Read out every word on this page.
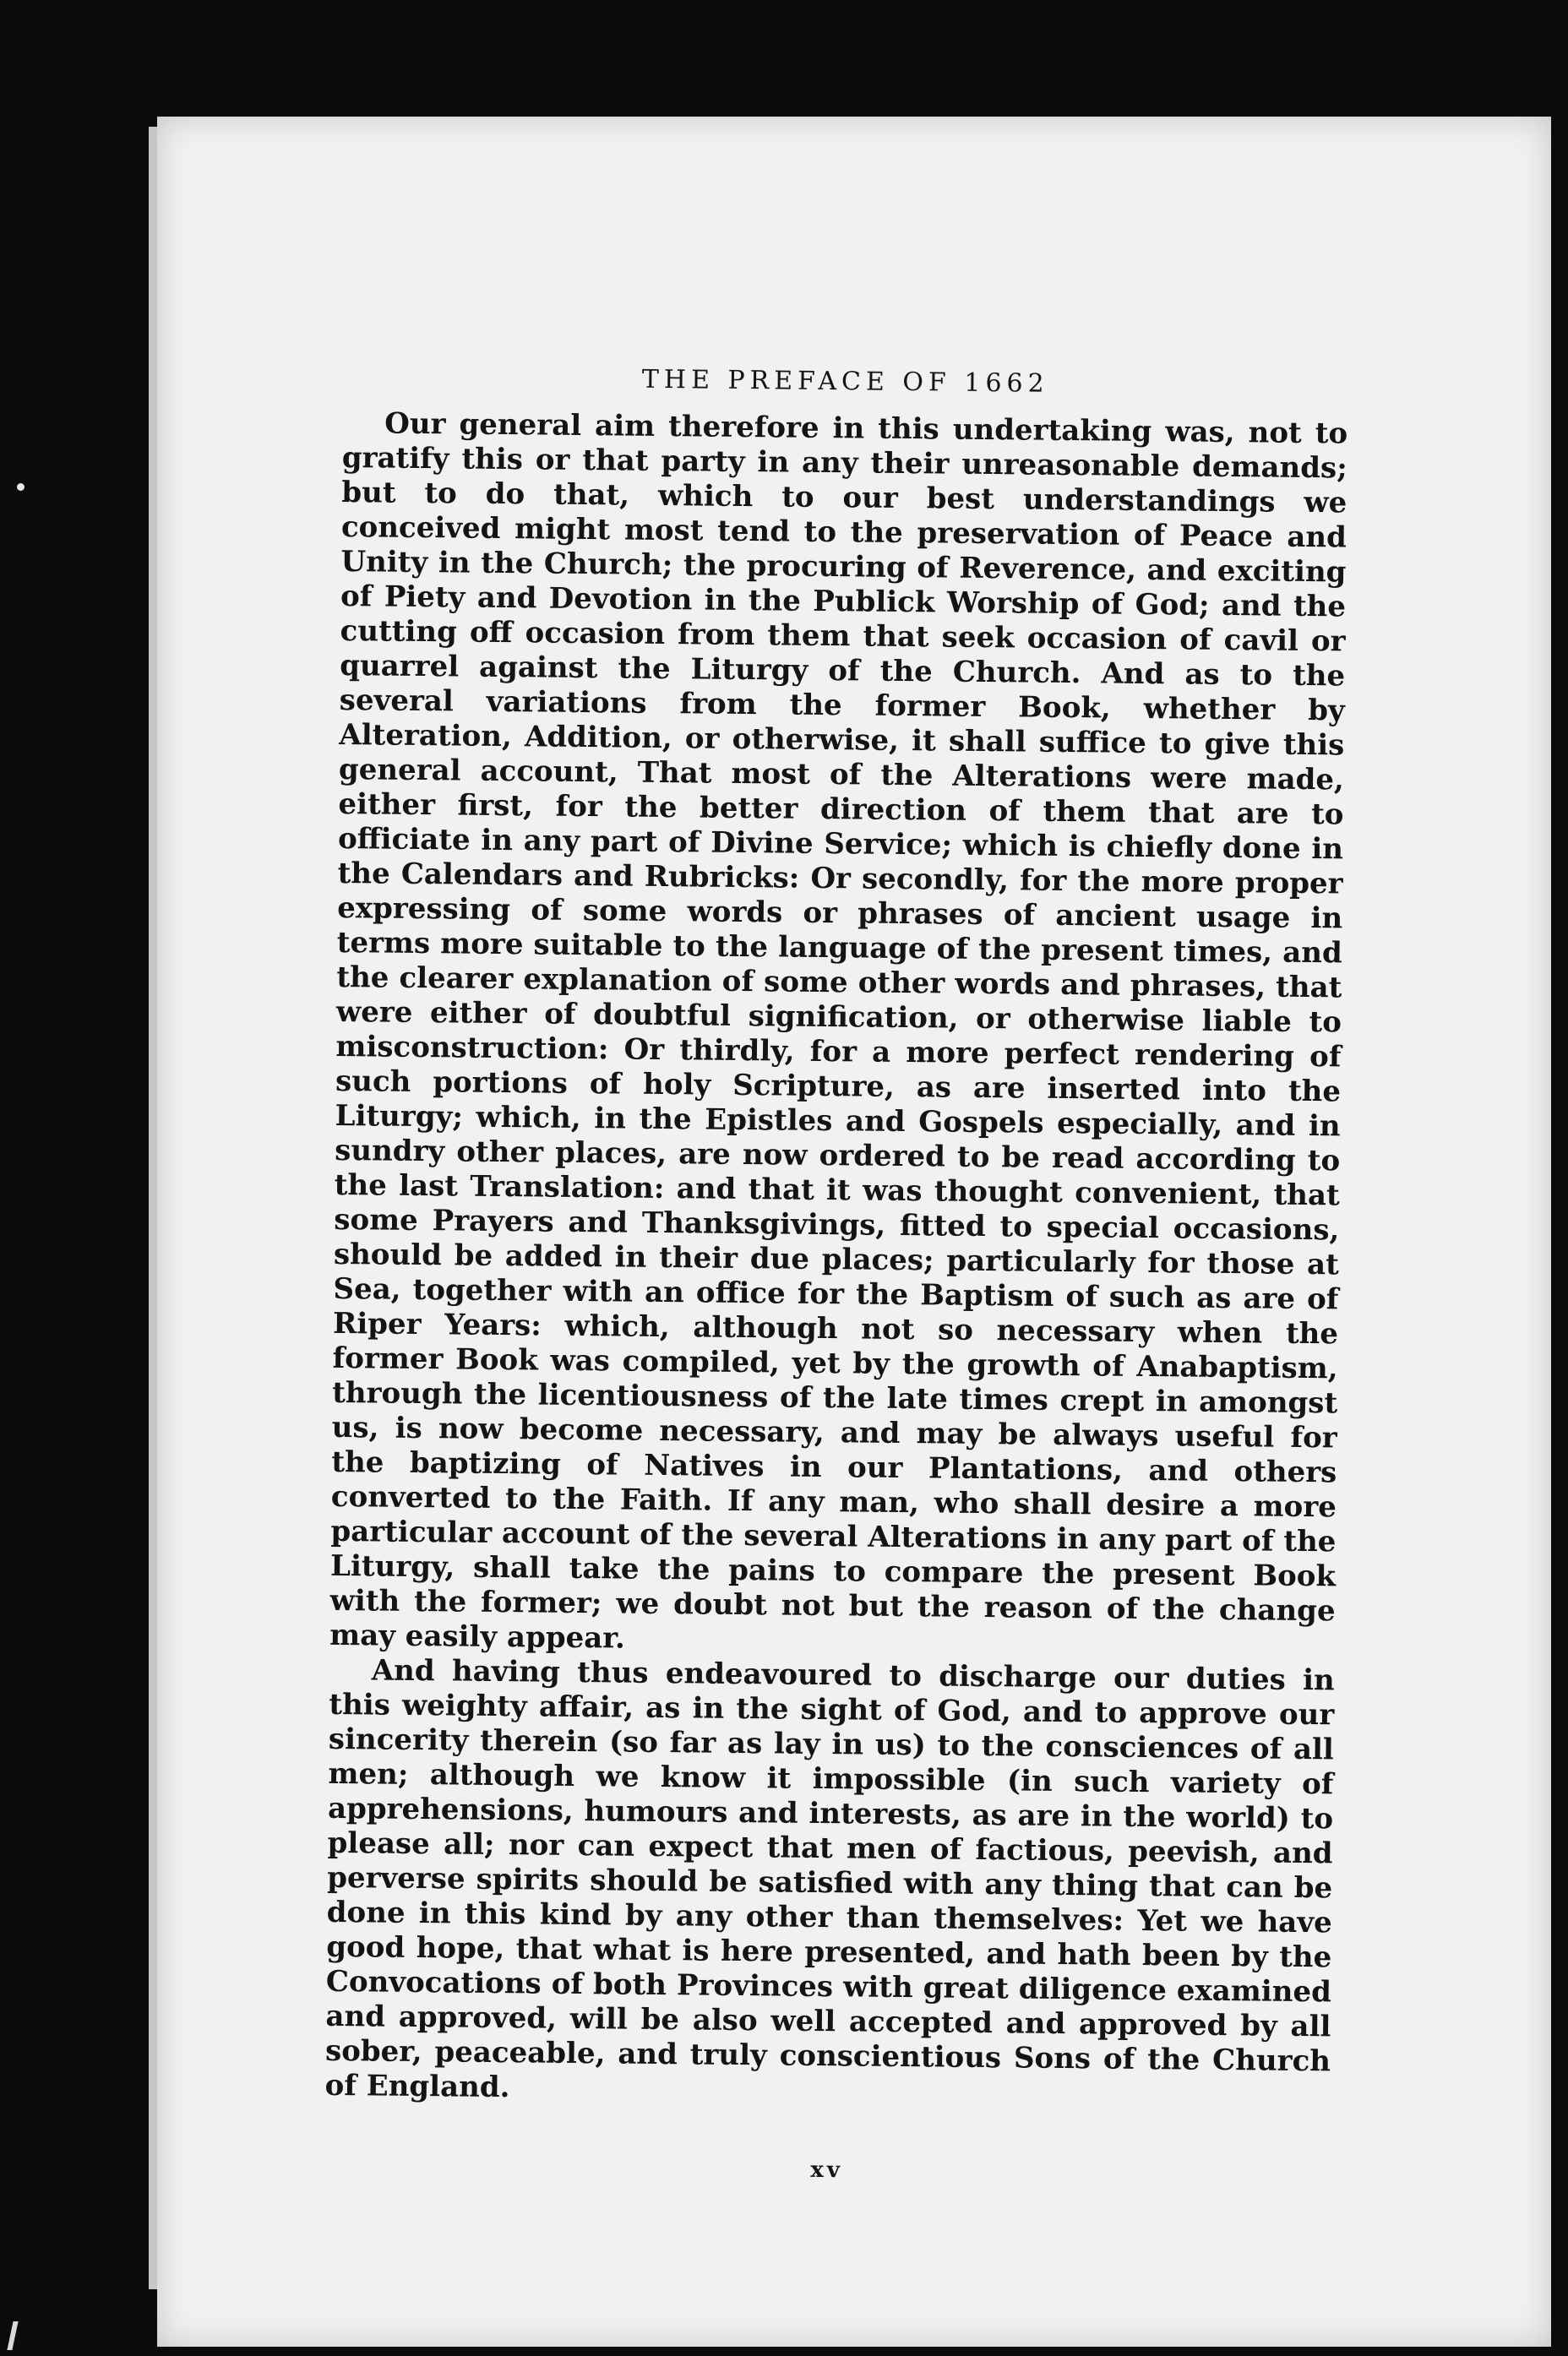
THE PREFACE OF 1662

Our general aim therefore in this undertaking was, not to gratify this or that party in any their unreasonable demands; but to do that, which to our best understandings we conceived might most tend to the preservation of Peace and Unity in the Church; the procuring of Reverence, and exciting of Piety and Devotion in the Publick Worship of God; and the cutting off occasion from them that seek occasion of cavil or quarrel against the Liturgy of the Church. And as to the several variations from the former Book, whether by Alteration, Addition, or otherwise, it shall suffice to give this general account, That most of the Alterations were made, either first, for the better direction of them that are to officiate in any part of Divine Service; which is chiefly done in the Calendars and Rubricks: Or secondly, for the more proper expressing of some words or phrases of ancient usage in terms more suitable to the language of the present times, and the clearer explanation of some other words and phrases, that were either of doubtful signification, or otherwise liable to misconstruction: Or thirdly, for a more perfect rendering of such portions of holy Scripture, as are inserted into the Liturgy; which, in the Epistles and Gospels especially, and in sundry other places, are now ordered to be read according to the last Translation: and that it was thought convenient, that some Prayers and Thanksgivings, fitted to special occasions, should be added in their due places; particularly for those at Sea, together with an office for the Baptism of such as are of Riper Years: which, although not so necessary when the former Book was compiled, yet by the growth of Anabaptism, through the licentiousness of the late times crept in amongst us, is now become necessary, and may be always useful for the baptizing of Natives in our Plantations, and others converted to the Faith. If any man, who shall desire a more particular account of the several Alterations in any part of the Liturgy, shall take the pains to compare the present Book with the former; we doubt not but the reason of the change may easily appear.

And having thus endeavoured to discharge our duties in this weighty affair, as in the sight of God, and to approve our sincerity therein (so far as lay in us) to the consciences of all men; although we know it impossible (in such variety of apprehensions, humours and interests, as are in the world) to please all; nor can expect that men of factious, peevish, and perverse spirits should be satisfied with any thing that can be done in this kind by any other than themselves: Yet we have good hope, that what is here presented, and hath been by the Convocations of both Provinces with great diligence examined and approved, will be also well accepted and approved by all sober, peaceable, and truly conscientious Sons of the Church of England.

xv
